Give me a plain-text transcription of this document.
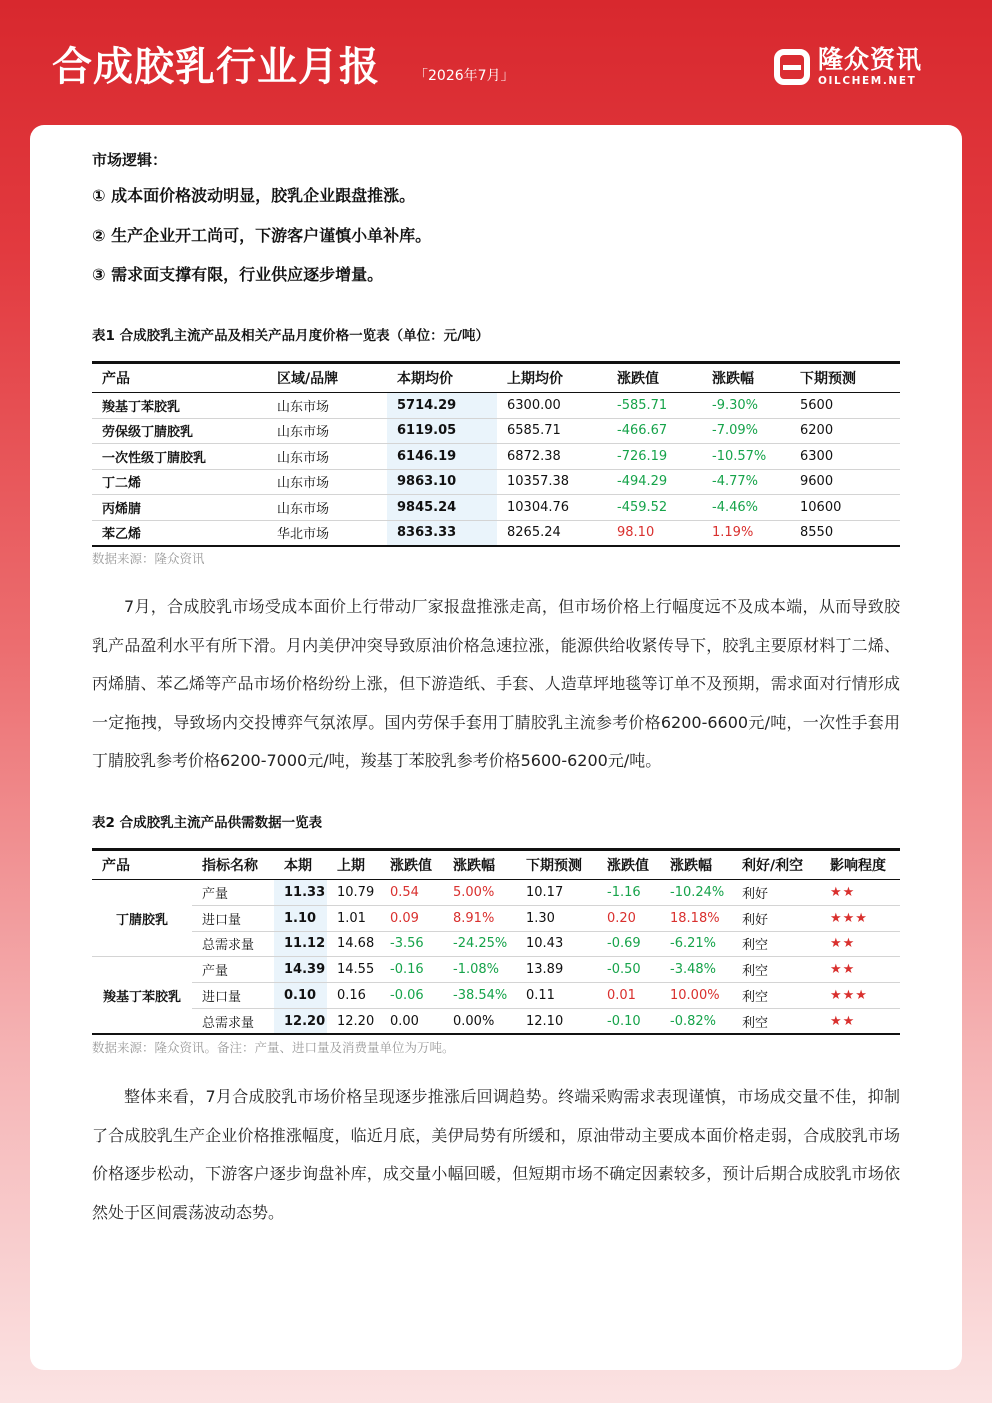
合成胶乳行业月报 「2026年7月」
隆众资讯
OILCHEM.NET
市场逻辑：
① 成本面价格波动明显，胶乳企业跟盘推涨。
② 生产企业开工尚可，下游客户谨慎小单补库。
③ 需求面支撑有限，行业供应逐步增量。
表1 合成胶乳主流产品及相关产品月度价格一览表（单位：元/吨）
产品	区域/品牌	本期均价	上期均价	涨跌值	涨跌幅	下期预测
羧基丁苯胶乳	山东市场	5714.29	6300.00	-585.71	-9.30%	5600
劳保级丁腈胶乳	山东市场	6119.05	6585.71	-466.67	-7.09%	6200
一次性级丁腈胶乳	山东市场	6146.19	6872.38	-726.19	-10.57%	6300
丁二烯	山东市场	9863.10	10357.38	-494.29	-4.77%	9600
丙烯腈	山东市场	9845.24	10304.76	-459.52	-4.46%	10600
苯乙烯	华北市场	8363.33	8265.24	98.10	1.19%	8550
数据来源：隆众资讯

7月，合成胶乳市场受成本面价上行带动厂家报盘推涨走高，但市场价格上行幅度远不及成本端，从而导致胶乳产品盈利水平有所下滑。月内美伊冲突导致原油价格急速拉涨，能源供给收紧传导下，胶乳主要原材料丁二烯、丙烯腈、苯乙烯等产品市场价格纷纷上涨，但下游造纸、手套、人造草坪地毯等订单不及预期，需求面对行情形成一定拖拽，导致场内交投博弈气氛浓厚。国内劳保手套用丁腈胶乳主流参考价格6200-6600元/吨，一次性手套用丁腈胶乳参考价格6200-7000元/吨，羧基丁苯胶乳参考价格5600-6200元/吨。

表2 合成胶乳主流产品供需数据一览表
产品	指标名称	本期	上期	涨跌值	涨跌幅	下期预测	涨跌值	涨跌幅	利好/利空	影响程度
丁腈胶乳	产量	11.33	10.79	0.54	5.00%	10.17	-1.16	-10.24%	利好	★★
	进口量	1.10	1.01	0.09	8.91%	1.30	0.20	18.18%	利好	★★★
	总需求量	11.12	14.68	-3.56	-24.25%	10.43	-0.69	-6.21%	利空	★★
羧基丁苯胶乳	产量	14.39	14.55	-0.16	-1.08%	13.89	-0.50	-3.48%	利空	★★
	进口量	0.10	0.16	-0.06	-38.54%	0.11	0.01	10.00%	利空	★★★
	总需求量	12.20	12.20	0.00	0.00%	12.10	-0.10	-0.82%	利空	★★
数据来源：隆众资讯。备注：产量、进口量及消费量单位为万吨。

整体来看，7月合成胶乳市场价格呈现逐步推涨后回调趋势。终端采购需求表现谨慎，市场成交量不佳，抑制了合成胶乳生产企业价格推涨幅度，临近月底，美伊局势有所缓和，原油带动主要成本面价格走弱，合成胶乳市场价格逐步松动，下游客户逐步询盘补库，成交量小幅回暖，但短期市场不确定因素较多，预计后期合成胶乳市场依然处于区间震荡波动态势。
